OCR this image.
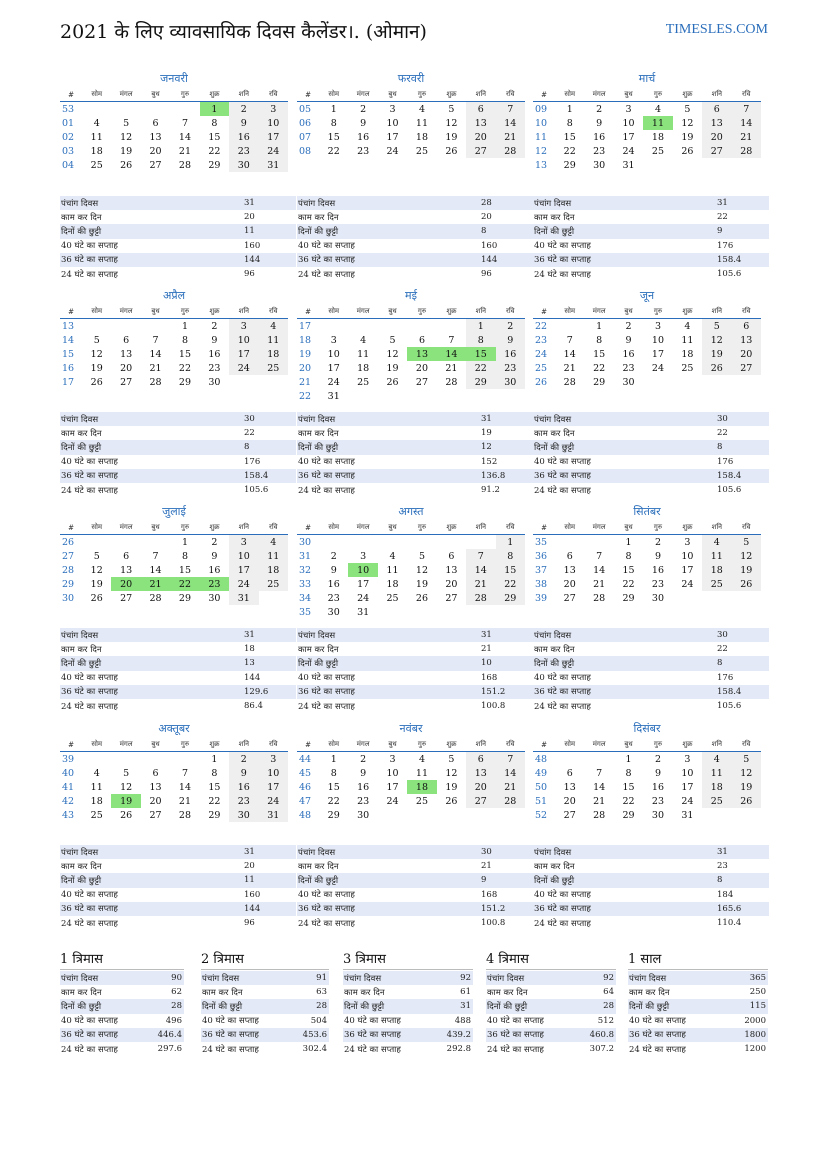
2021 के लिए व्यावसायिक दिवस कैलेंडर।. (ओमान)	TIMESLES.COM
जनवरी
#	सोम	मंगल	बुध	गुरु	शुक्र	शनि	रवि
53					1	2	3
01	4	5	6	7	8	9	10
02	11	12	13	14	15	16	17
03	18	19	20	21	22	23	24
04	25	26	27	28	29	30	31
पंचांग दिवस	31
काम कर दिन	20
दिनों की छुट्टी	11
40 घंटे का सप्ताह	160
36 घंटे का सप्ताह	144
24 घंटे का सप्ताह	96
फरवरी
#	सोम	मंगल	बुध	गुरु	शुक्र	शनि	रवि
05	1	2	3	4	5	6	7
06	8	9	10	11	12	13	14
07	15	16	17	18	19	20	21
08	22	23	24	25	26	27	28
पंचांग दिवस	28
काम कर दिन	20
दिनों की छुट्टी	8
40 घंटे का सप्ताह	160
36 घंटे का सप्ताह	144
24 घंटे का सप्ताह	96
मार्च
#	सोम	मंगल	बुध	गुरु	शुक्र	शनि	रवि
09	1	2	3	4	5	6	7
10	8	9	10	11	12	13	14
11	15	16	17	18	19	20	21
12	22	23	24	25	26	27	28
13	29	30	31				
पंचांग दिवस	31
काम कर दिन	22
दिनों की छुट्टी	9
40 घंटे का सप्ताह	176
36 घंटे का सप्ताह	158.4
24 घंटे का सप्ताह	105.6
अप्रैल
#	सोम	मंगल	बुध	गुरु	शुक्र	शनि	रवि
13				1	2	3	4
14	5	6	7	8	9	10	11
15	12	13	14	15	16	17	18
16	19	20	21	22	23	24	25
17	26	27	28	29	30		
पंचांग दिवस	30
काम कर दिन	22
दिनों की छुट्टी	8
40 घंटे का सप्ताह	176
36 घंटे का सप्ताह	158.4
24 घंटे का सप्ताह	105.6
मई
#	सोम	मंगल	बुध	गुरु	शुक्र	शनि	रवि
17						1	2
18	3	4	5	6	7	8	9
19	10	11	12	13	14	15	16
20	17	18	19	20	21	22	23
21	24	25	26	27	28	29	30
22	31						
पंचांग दिवस	31
काम कर दिन	19
दिनों की छुट्टी	12
40 घंटे का सप्ताह	152
36 घंटे का सप्ताह	136.8
24 घंटे का सप्ताह	91.2
जून
#	सोम	मंगल	बुध	गुरु	शुक्र	शनि	रवि
22		1	2	3	4	5	6
23	7	8	9	10	11	12	13
24	14	15	16	17	18	19	20
25	21	22	23	24	25	26	27
26	28	29	30				
पंचांग दिवस	30
काम कर दिन	22
दिनों की छुट्टी	8
40 घंटे का सप्ताह	176
36 घंटे का सप्ताह	158.4
24 घंटे का सप्ताह	105.6
जुलाई
#	सोम	मंगल	बुध	गुरु	शुक्र	शनि	रवि
26				1	2	3	4
27	5	6	7	8	9	10	11
28	12	13	14	15	16	17	18
29	19	20	21	22	23	24	25
30	26	27	28	29	30	31	
पंचांग दिवस	31
काम कर दिन	18
दिनों की छुट्टी	13
40 घंटे का सप्ताह	144
36 घंटे का सप्ताह	129.6
24 घंटे का सप्ताह	86.4
अगस्त
#	सोम	मंगल	बुध	गुरु	शुक्र	शनि	रवि
30							1
31	2	3	4	5	6	7	8
32	9	10	11	12	13	14	15
33	16	17	18	19	20	21	22
34	23	24	25	26	27	28	29
35	30	31					
पंचांग दिवस	31
काम कर दिन	21
दिनों की छुट्टी	10
40 घंटे का सप्ताह	168
36 घंटे का सप्ताह	151.2
24 घंटे का सप्ताह	100.8
सितंबर
#	सोम	मंगल	बुध	गुरु	शुक्र	शनि	रवि
35			1	2	3	4	5
36	6	7	8	9	10	11	12
37	13	14	15	16	17	18	19
38	20	21	22	23	24	25	26
39	27	28	29	30			
पंचांग दिवस	30
काम कर दिन	22
दिनों की छुट्टी	8
40 घंटे का सप्ताह	176
36 घंटे का सप्ताह	158.4
24 घंटे का सप्ताह	105.6
अक्तूबर
#	सोम	मंगल	बुध	गुरु	शुक्र	शनि	रवि
39					1	2	3
40	4	5	6	7	8	9	10
41	11	12	13	14	15	16	17
42	18	19	20	21	22	23	24
43	25	26	27	28	29	30	31
पंचांग दिवस	31
काम कर दिन	20
दिनों की छुट्टी	11
40 घंटे का सप्ताह	160
36 घंटे का सप्ताह	144
24 घंटे का सप्ताह	96
नवंबर
#	सोम	मंगल	बुध	गुरु	शुक्र	शनि	रवि
44	1	2	3	4	5	6	7
45	8	9	10	11	12	13	14
46	15	16	17	18	19	20	21
47	22	23	24	25	26	27	28
48	29	30					
पंचांग दिवस	30
काम कर दिन	21
दिनों की छुट्टी	9
40 घंटे का सप्ताह	168
36 घंटे का सप्ताह	151.2
24 घंटे का सप्ताह	100.8
दिसंबर
#	सोम	मंगल	बुध	गुरु	शुक्र	शनि	रवि
48			1	2	3	4	5
49	6	7	8	9	10	11	12
50	13	14	15	16	17	18	19
51	20	21	22	23	24	25	26
52	27	28	29	30	31		
पंचांग दिवस	31
काम कर दिन	23
दिनों की छुट्टी	8
40 घंटे का सप्ताह	184
36 घंटे का सप्ताह	165.6
24 घंटे का सप्ताह	110.4
1 त्रिमास
पंचांग दिवस	90
काम कर दिन	62
दिनों की छुट्टी	28
40 घंटे का सप्ताह	496
36 घंटे का सप्ताह	446.4
24 घंटे का सप्ताह	297.6
2 त्रिमास
पंचांग दिवस	91
काम कर दिन	63
दिनों की छुट्टी	28
40 घंटे का सप्ताह	504
36 घंटे का सप्ताह	453.6
24 घंटे का सप्ताह	302.4
3 त्रिमास
पंचांग दिवस	92
काम कर दिन	61
दिनों की छुट्टी	31
40 घंटे का सप्ताह	488
36 घंटे का सप्ताह	439.2
24 घंटे का सप्ताह	292.8
4 त्रिमास
पंचांग दिवस	92
काम कर दिन	64
दिनों की छुट्टी	28
40 घंटे का सप्ताह	512
36 घंटे का सप्ताह	460.8
24 घंटे का सप्ताह	307.2
1 साल
पंचांग दिवस	365
काम कर दिन	250
दिनों की छुट्टी	115
40 घंटे का सप्ताह	2000
36 घंटे का सप्ताह	1800
24 घंटे का सप्ताह	1200
